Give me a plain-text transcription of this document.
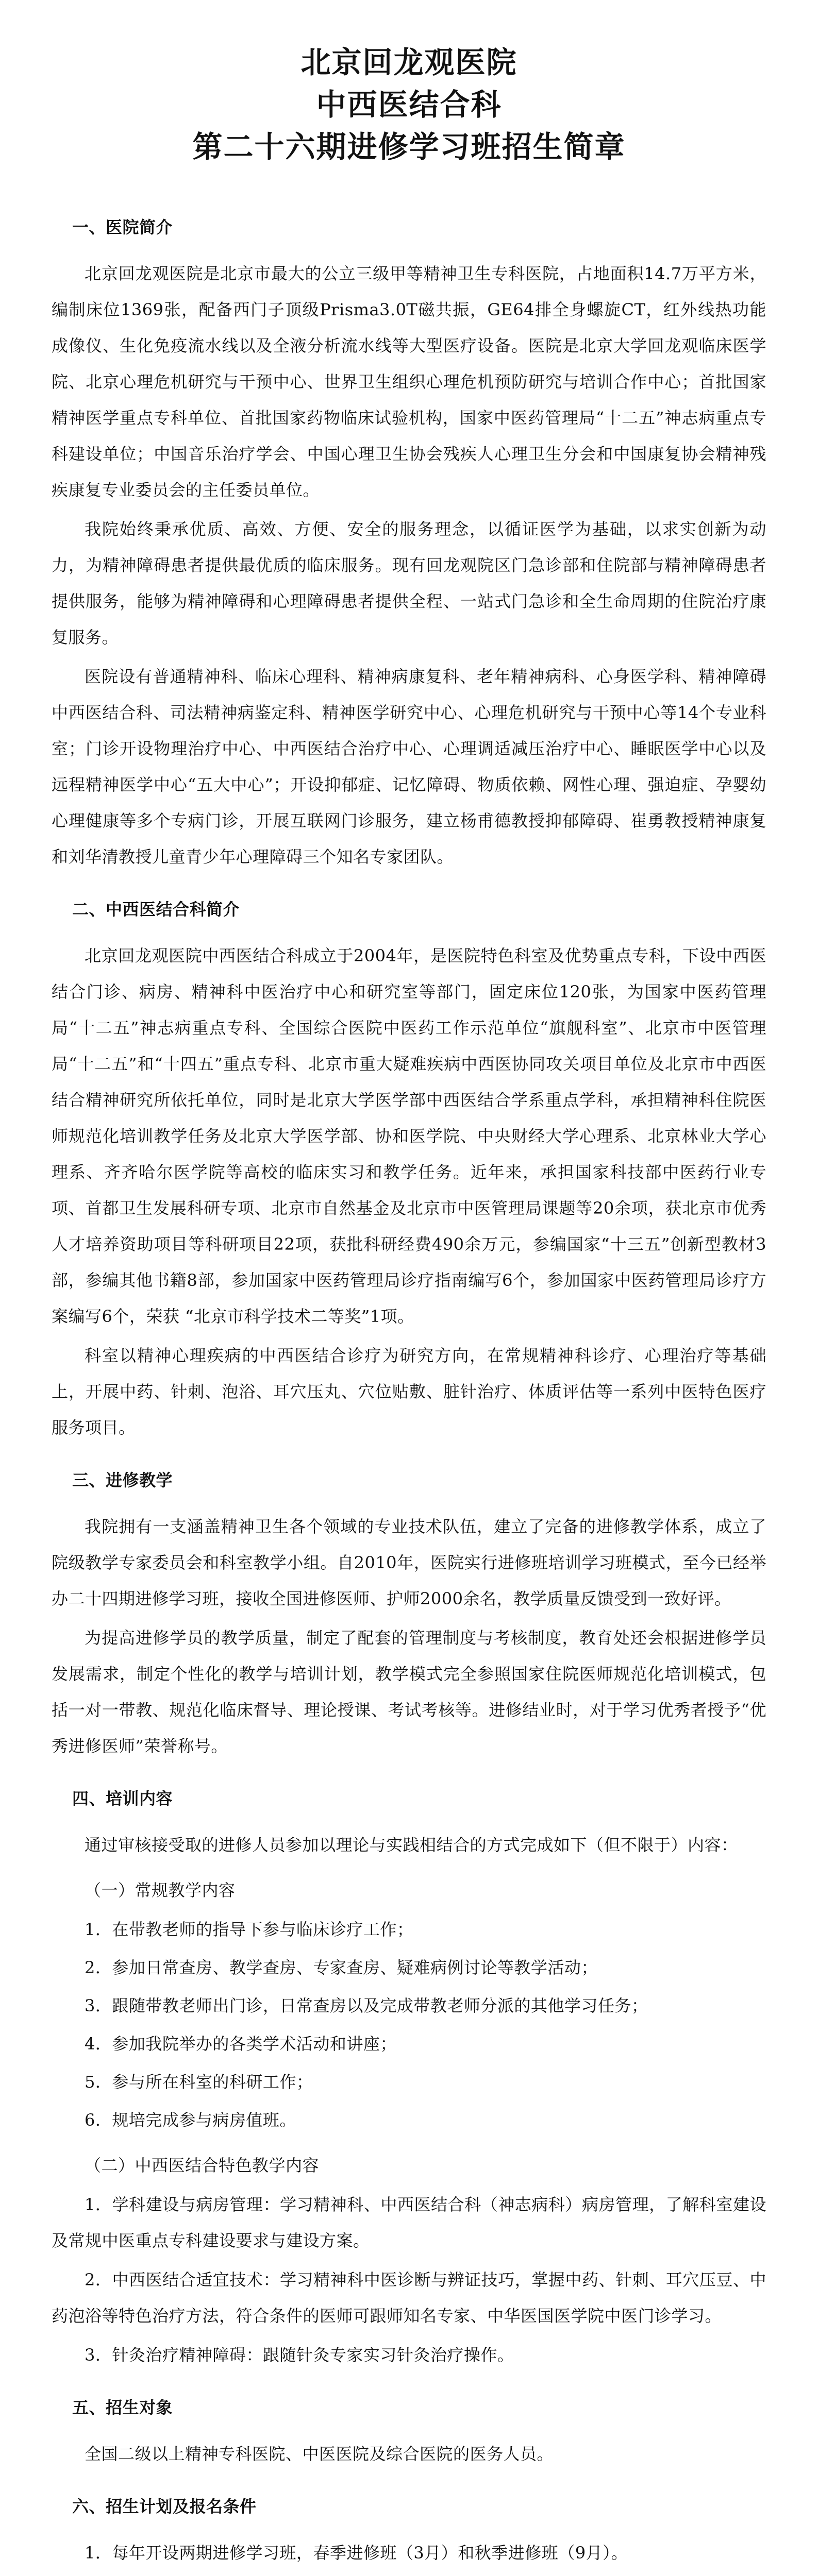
北京回龙观医院
中西医结合科
第二十六期进修学习班招生简章
一、医院简介

北京回龙观医院是北京市最大的公立三级甲等精神卫生专科医院，占地面积14.7万平方米，编制床位1369张，配备西门子顶级Prisma3.0T磁共振，GE64排全身螺旋CT，红外线热功能成像仪、生化免疫流水线以及全液分析流水线等大型医疗设备。医院是北京大学回龙观临床医学院、北京心理危机研究与干预中心、世界卫生组织心理危机预防研究与培训合作中心；首批国家精神医学重点专科单位、首批国家药物临床试验机构，国家中医药管理局“十二五”神志病重点专科建设单位；中国音乐治疗学会、中国心理卫生协会残疾人心理卫生分会和中国康复协会精神残疾康复专业委员会的主任委员单位。

我院始终秉承优质、高效、方便、安全的服务理念，以循证医学为基础，以求实创新为动力，为精神障碍患者提供最优质的临床服务。现有回龙观院区门急诊部和住院部与精神障碍患者提供服务，能够为精神障碍和心理障碍患者提供全程、一站式门急诊和全生命周期的住院治疗康复服务。

医院设有普通精神科、临床心理科、精神病康复科、老年精神病科、心身医学科、精神障碍中西医结合科、司法精神病鉴定科、精神医学研究中心、心理危机研究与干预中心等14个专业科室；门诊开设物理治疗中心、中西医结合治疗中心、心理调适减压治疗中心、睡眠医学中心以及远程精神医学中心“五大中心”；开设抑郁症、记忆障碍、物质依赖、网性心理、强迫症、孕婴幼心理健康等多个专病门诊，开展互联网门诊服务，建立杨甫德教授抑郁障碍、崔勇教授精神康复和刘华清教授儿童青少年心理障碍三个知名专家团队。

二、中西医结合科简介

北京回龙观医院中西医结合科成立于2004年，是医院特色科室及优势重点专科，下设中西医结合门诊、病房、精神科中医治疗中心和研究室等部门，固定床位120张，为国家中医药管理局“十二五”神志病重点专科、全国综合医院中医药工作示范单位“旗舰科室”、北京市中医管理局“十二五”和“十四五”重点专科、北京市重大疑难疾病中西医协同攻关项目单位及北京市中西医结合精神研究所依托单位，同时是北京大学医学部中西医结合学系重点学科，承担精神科住院医师规范化培训教学任务及北京大学医学部、协和医学院、中央财经大学心理系、北京林业大学心理系、齐齐哈尔医学院等高校的临床实习和教学任务。近年来，承担国家科技部中医药行业专项、首都卫生发展科研专项、北京市自然基金及北京市中医管理局课题等20余项，获北京市优秀人才培养资助项目等科研项目22项，获批科研经费490余万元，参编国家“十三五”创新型教材3部，参编其他书籍8部，参加国家中医药管理局诊疗指南编写6个，参加国家中医药管理局诊疗方案编写6个，荣获 “北京市科学技术二等奖”1项。

科室以精神心理疾病的中西医结合诊疗为研究方向，在常规精神科诊疗、心理治疗等基础上，开展中药、针刺、泡浴、耳穴压丸、穴位贴敷、脏针治疗、体质评估等一系列中医特色医疗服务项目。

三、进修教学

我院拥有一支涵盖精神卫生各个领域的专业技术队伍，建立了完备的进修教学体系，成立了院级教学专家委员会和科室教学小组。自2010年，医院实行进修班培训学习班模式，至今已经举办二十四期进修学习班，接收全国进修医师、护师2000余名，教学质量反馈受到一致好评。

为提高进修学员的教学质量，制定了配套的管理制度与考核制度，教育处还会根据进修学员发展需求，制定个性化的教学与培训计划，教学模式完全参照国家住院医师规范化培训模式，包括一对一带教、规范化临床督导、理论授课、考试考核等。进修结业时，对于学习优秀者授予“优秀进修医师”荣誉称号。

四、培训内容

通过审核接受取的进修人员参加以理论与实践相结合的方式完成如下（但不限于）内容：

（一）常规教学内容

1．在带教老师的指导下参与临床诊疗工作；

2．参加日常查房、教学查房、专家查房、疑难病例讨论等教学活动；

3．跟随带教老师出门诊，日常查房以及完成带教老师分派的其他学习任务；

4．参加我院举办的各类学术活动和讲座；

5．参与所在科室的科研工作；

6．规培完成参与病房值班。

（二）中西医结合特色教学内容

1．学科建设与病房管理：学习精神科、中西医结合科（神志病科）病房管理，了解科室建设及常规中医重点专科建设要求与建设方案。

2．中西医结合适宜技术：学习精神科中医诊断与辨证技巧，掌握中药、针刺、耳穴压豆、中药泡浴等特色治疗方法，符合条件的医师可跟师知名专家、中华医国医学院中医门诊学习。

3．针灸治疗精神障碍：跟随针灸专家实习针灸治疗操作。

五、招生对象

全国二级以上精神专科医院、中医医院及综合医院的医务人员。

六、招生计划及报名条件

1．每年开设两期进修学习班，春季进修班（3月）和秋季进修班（9月）。
